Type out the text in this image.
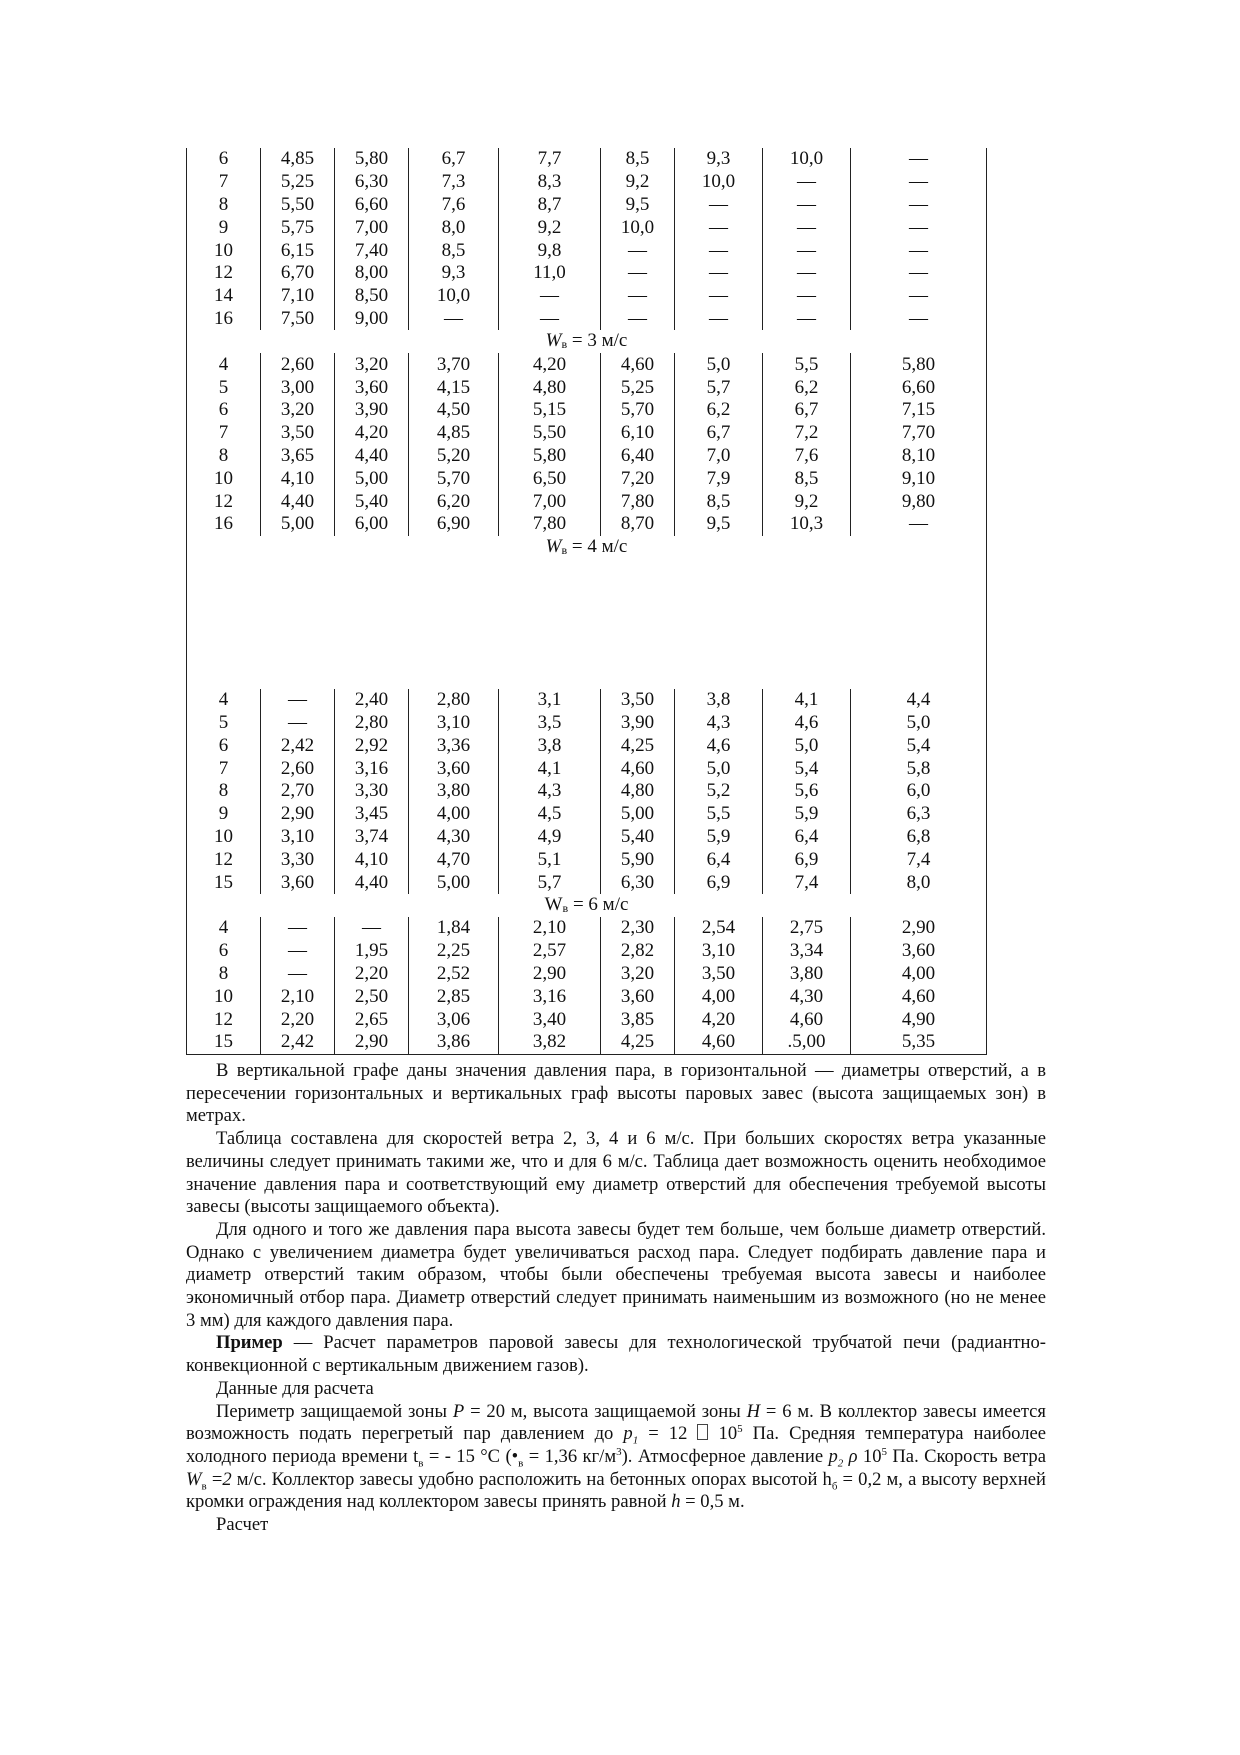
6	4,85	5,80	6,7	7,7	8,5	9,3	10,0	—
7	5,25	6,30	7,3	8,3	9,2	10,0	—	—
8	5,50	6,60	7,6	8,7	9,5	—	—	—
9	5,75	7,00	8,0	9,2	10,0	—	—	—
10	6,15	7,40	8,5	9,8	—	—	—	—
12	6,70	8,00	9,3	11,0	—	—	—	—
14	7,10	8,50	10,0	—	—	—	—	—
16	7,50	9,00	—	—	—	—	—	—
Wв = 3 м/с								
4	2,60	3,20	3,70	4,20	4,60	5,0	5,5	5,80
5	3,00	3,60	4,15	4,80	5,25	5,7	6,2	6,60
6	3,20	3,90	4,50	5,15	5,70	6,2	6,7	7,15
7	3,50	4,20	4,85	5,50	6,10	6,7	7,2	7,70
8	3,65	4,40	5,20	5,80	6,40	7,0	7,6	8,10
10	4,10	5,00	5,70	6,50	7,20	7,9	8,5	9,10
12	4,40	5,40	6,20	7,00	7,80	8,5	9,2	9,80
16	5,00	6,00	6,90	7,80	8,70	9,5	10,3	—
Wв = 4 м/с								

4	—	2,40	2,80	3,1	3,50	3,8	4,1	4,4
5	—	2,80	3,10	3,5	3,90	4,3	4,6	5,0
6	2,42	2,92	3,36	3,8	4,25	4,6	5,0	5,4
7	2,60	3,16	3,60	4,1	4,60	5,0	5,4	5,8
8	2,70	3,30	3,80	4,3	4,80	5,2	5,6	6,0
9	2,90	3,45	4,00	4,5	5,00	5,5	5,9	6,3
10	3,10	3,74	4,30	4,9	5,40	5,9	6,4	6,8
12	3,30	4,10	4,70	5,1	5,90	6,4	6,9	7,4
15	3,60	4,40	5,00	5,7	6,30	6,9	7,4	8,0
Wв = 6 м/с								
4	—	—	1,84	2,10	2,30	2,54	2,75	2,90
6	—	1,95	2,25	2,57	2,82	3,10	3,34	3,60
8	—	2,20	2,52	2,90	3,20	3,50	3,80	4,00
10	2,10	2,50	2,85	3,16	3,60	4,00	4,30	4,60
12	2,20	2,65	3,06	3,40	3,85	4,20	4,60	4,90
15	2,42	2,90	3,86	3,82	4,25	4,60	.5,00	5,35

В вертикальной графе даны значения давления пара, в горизонтальной — диаметры отверстий, а в пересечении горизонтальных и вертикальных граф высоты паровых завес (высота защищаемых зон) в метрах.

Таблица составлена для скоростей ветра 2, 3, 4 и 6 м/с. При больших скоростях ветра указанные величины следует принимать такими же, что и для 6 м/с. Таблица дает возможность оценить необходимое значение давления пара и соответствующий ему диаметр отверстий для обеспечения требуемой высоты завесы (высоты защищаемого объекта).

Для одного и того же давления пара высота завесы будет тем больше, чем больше диаметр отверстий. Однако с увеличением диаметра будет увеличиваться расход пара. Следует подбирать давление пара и диаметр отверстий таким образом, чтобы были обеспечены требуемая высота завесы и наиболее экономичный отбор пара. Диаметр отверстий следует принимать наименьшим из возможного (но не менее 3 мм) для каждого давления пара.

Пример — Расчет параметров паровой завесы для технологической трубчатой печи (радиантно-конвекционной с вертикальным движением газов).

Данные для расчета

Периметр защищаемой зоны P = 20 м, высота защищаемой зоны H = 6 м. В коллектор завесы имеется возможность подать перегретый пар давлением до $p_1 = 12$  $10^5$ Па. Средняя температура наиболее холодного периода времени $t_в$ = - 15 °С ($•_в = 1,36$ $кг/м^3$). Атмосферное давление $p_2$ ρ $10^5$ Па. Скорость ветра $W_в =2$ м/с. Коллектор завесы удобно расположить на бетонных опорах высотой $h_б = 0,2$ м, а высоту верхней кромки ограждения над коллектором завесы принять равной h = 0,5 м.

Расчет
